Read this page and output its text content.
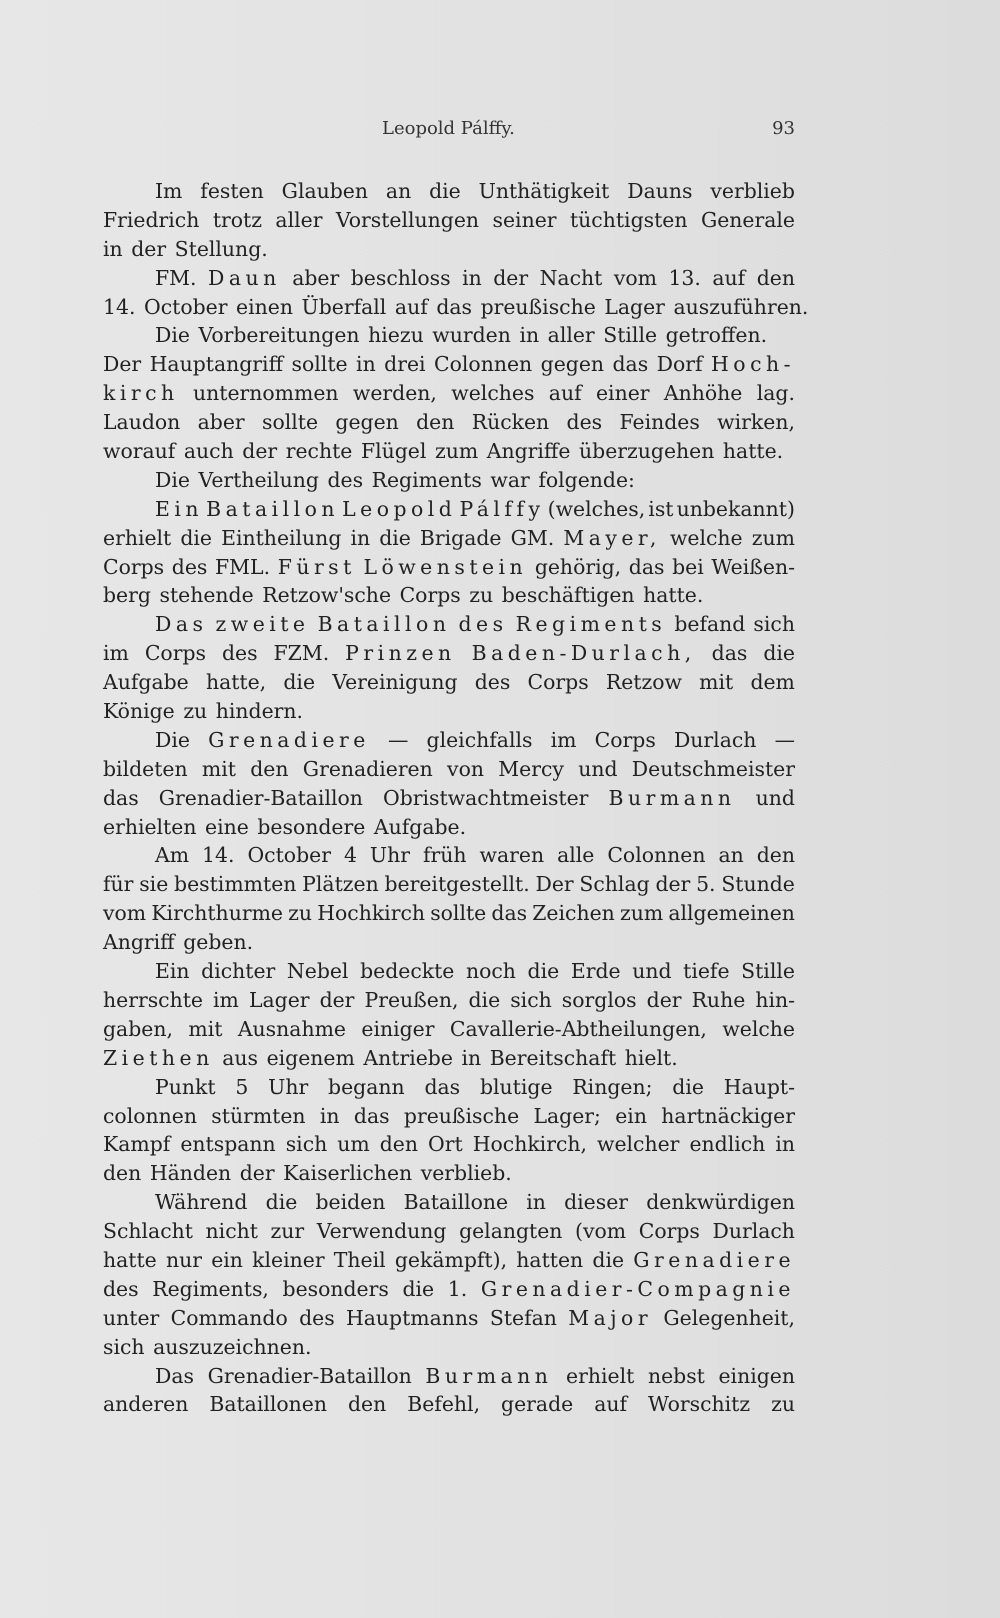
Leopold Pálffy.	93
Im festen Glauben an die Unthätigkeit Dauns verblieb
Friedrich trotz aller Vorstellungen seiner tüchtigsten Generale
in der Stellung.
FM. Daun aber beschloss in der Nacht vom 13. auf den
14. October einen Überfall auf das preußische Lager auszuführen.
Die Vorbereitungen hiezu wurden in aller Stille getroffen.
Der Hauptangriff sollte in drei Colonnen gegen das Dorf Hoch-
kirch unternommen werden, welches auf einer Anhöhe lag.
Laudon aber sollte gegen den Rücken des Feindes wirken,
worauf auch der rechte Flügel zum Angriffe überzugehen hatte.
Die Vertheilung des Regiments war folgende:
Ein Bataillon Leopold Pálffy (welches, ist unbekannt)
erhielt die Eintheilung in die Brigade GM. Mayer, welche zum
Corps des FML. Fürst Löwenstein gehörig, das bei Weißen-
berg stehende Retzow'sche Corps zu beschäftigen hatte.
Das zweite Bataillon des Regiments befand sich
im Corps des FZM. Prinzen Baden-Durlach, das die
Aufgabe hatte, die Vereinigung des Corps Retzow mit dem
Könige zu hindern.
Die Grenadiere — gleichfalls im Corps Durlach —
bildeten mit den Grenadieren von Mercy und Deutschmeister
das Grenadier-Bataillon Obristwachtmeister Burmann und
erhielten eine besondere Aufgabe.
Am 14. October 4 Uhr früh waren alle Colonnen an den
für sie bestimmten Plätzen bereitgestellt. Der Schlag der 5. Stunde
vom Kirchthurme zu Hochkirch sollte das Zeichen zum allgemeinen
Angriff geben.
Ein dichter Nebel bedeckte noch die Erde und tiefe Stille
herrschte im Lager der Preußen, die sich sorglos der Ruhe hin-
gaben, mit Ausnahme einiger Cavallerie-Abtheilungen, welche
Ziethen aus eigenem Antriebe in Bereitschaft hielt.
Punkt 5 Uhr begann das blutige Ringen; die Haupt-
colonnen stürmten in das preußische Lager; ein hartnäckiger
Kampf entspann sich um den Ort Hochkirch, welcher endlich in
den Händen der Kaiserlichen verblieb.
Während die beiden Bataillone in dieser denkwürdigen
Schlacht nicht zur Verwendung gelangten (vom Corps Durlach
hatte nur ein kleiner Theil gekämpft), hatten die Grenadiere
des Regiments, besonders die 1. Grenadier-Compagnie
unter Commando des Hauptmanns Stefan Major Gelegenheit,
sich auszuzeichnen.
Das Grenadier-Bataillon Burmann erhielt nebst einigen
anderen Bataillonen den Befehl, gerade auf Worschitz zu
